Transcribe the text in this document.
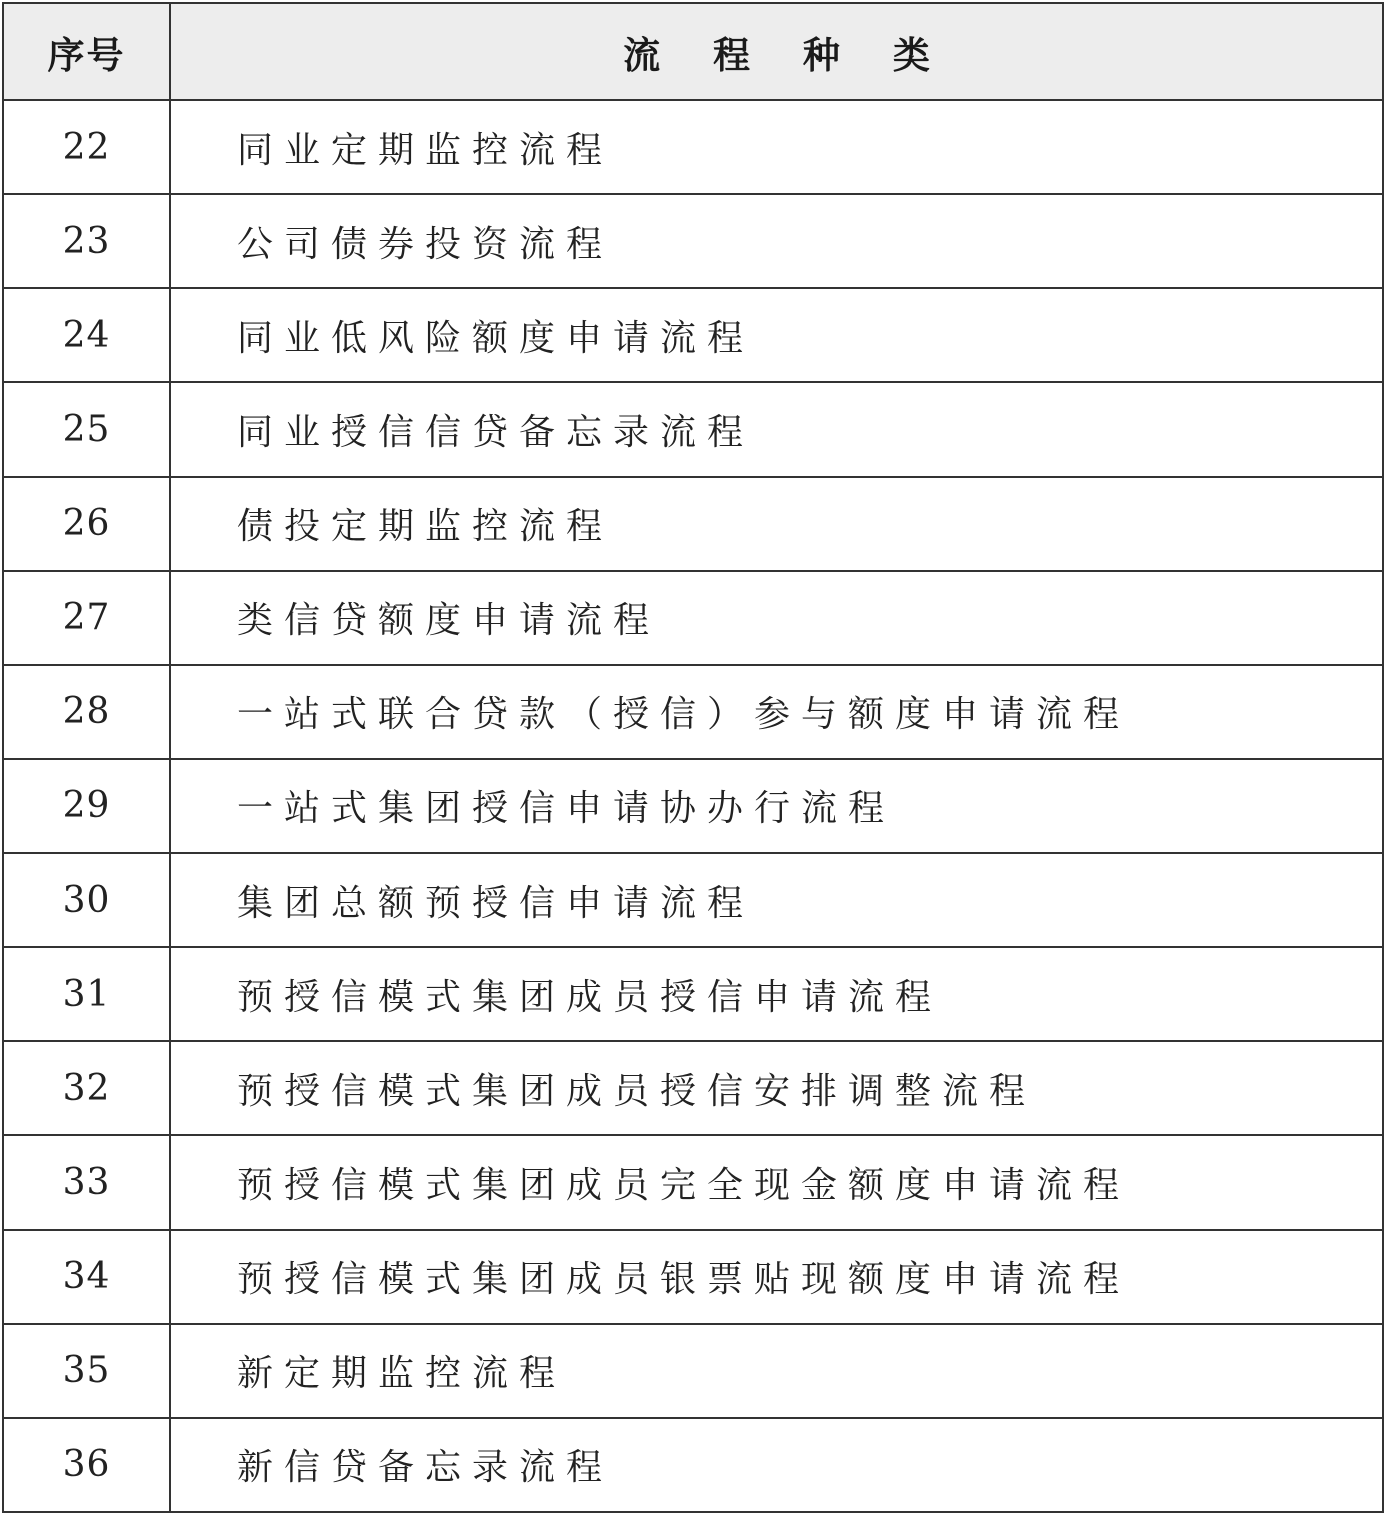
序号	流 程 种 类
22	同业定期监控流程
23	公司债券投资流程
24	同业低风险额度申请流程
25	同业授信信贷备忘录流程
26	债投定期监控流程
27	类信贷额度申请流程
28	一站式联合贷款（授信）参与额度申请流程
29	一站式集团授信申请协办行流程
30	集团总额预授信申请流程
31	预授信模式集团成员授信申请流程
32	预授信模式集团成员授信安排调整流程
33	预授信模式集团成员完全现金额度申请流程
34	预授信模式集团成员银票贴现额度申请流程
35	新定期监控流程
36	新信贷备忘录流程
